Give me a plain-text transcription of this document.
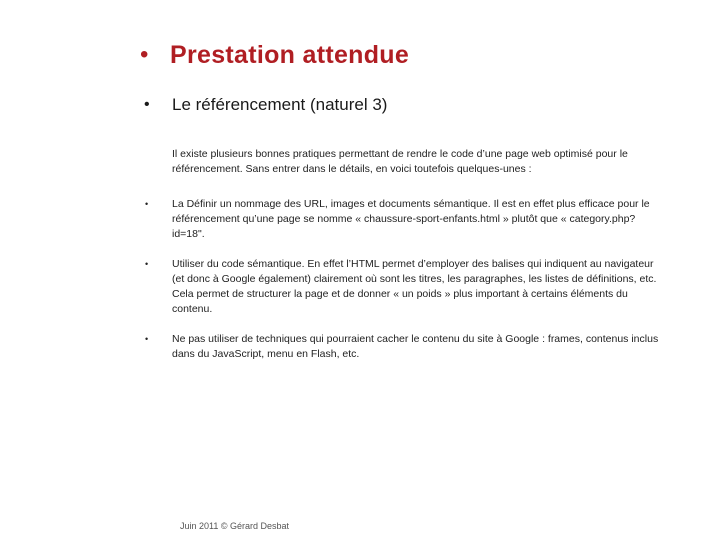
• Prestation attendue
•	Le référencement (naturel 3)
Il existe plusieurs bonnes pratiques permettant de rendre le code d’une page web optimisé pour le référencement. Sans entrer dans le détails, en voici toutefois quelques-unes :
•	La Définir un nommage des URL, images et documents sémantique. Il est en effet plus efficace pour le référencement qu’une page se nomme « chaussure-sport-enfants.html » plutôt que « category.php?id=18".
•	Utiliser du code sémantique. En effet l’HTML permet d’employer des balises qui indiquent au navigateur (et donc à Google également) clairement où sont les titres, les paragraphes, les listes de définitions, etc. Cela permet de structurer la page et de donner « un poids » plus important à certains éléments du contenu.
•	Ne pas utiliser de techniques qui pourraient cacher le contenu du site à Google : frames, contenus inclus dans du JavaScript, menu en Flash, etc.
Juin 2011 © Gérard Desbat
